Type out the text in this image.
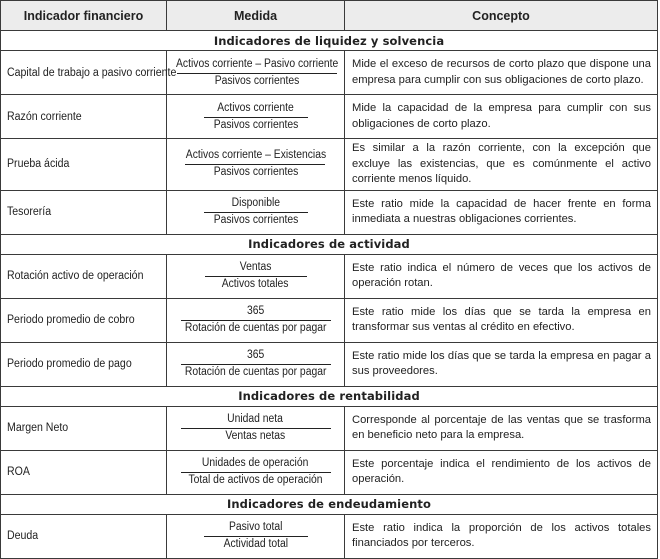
Indicador financiero	Medida	Concepto
Indicadores de liquidez y solvencia		
Capital de trabajo a pasivo corriente	$\frac{\text{Activos corriente – Pasivo corriente}}{\text{Pasivos corrientes}}$	Mide el exceso de recursos de corto plazo que dispone una empresa para cumplir con sus obligaciones de corto plazo.
Razón corriente	$\frac{\text{Activos corriente}}{\text{Pasivos corrientes}}$	Mide la capacidad de la empresa para cumplir con sus obligaciones de corto plazo.
Prueba ácida	$\frac{\text{Activos corriente – Existencias}}{\text{Pasivos corrientes}}$	Es similar a la razón corriente, con la excepción que excluye las existencias, que es comúnmente el activo corriente menos líquido.
Tesorería	$\frac{\text{Disponible}}{\text{Pasivos corrientes}}$	Este ratio mide la capacidad de hacer frente en forma inmediata a nuestras obligaciones corrientes.
Indicadores de actividad		
Rotación activo de operación	$\frac{\text{Ventas}}{\text{Activos totales}}$	Este ratio indica el número de veces que los activos de operación rotan.
Periodo promedio de cobro	$\frac{365}{\text{Rotación de cuentas por pagar}}$	Este ratio mide los días que se tarda la empresa en transformar sus ventas al crédito en efectivo.
Periodo promedio de pago	$\frac{365}{\text{Rotación de cuentas por pagar}}$	Este ratio mide los días que se tarda la empresa en pagar a sus proveedores.
Indicadores de rentabilidad		
Margen Neto	$\frac{\text{Unidad neta}}{\text{Ventas netas}}$	Corresponde al porcentaje de las ventas que se trasforma en beneficio neto para la empresa.
ROA	$\frac{\text{Unidades de operación}}{\text{Total de activos de operación}}$	Este porcentaje indica el rendimiento de los activos de operación.
Indicadores de endeudamiento		
Deuda	$\frac{\text{Pasivo total}}{\text{Actividad total}}$	Este ratio indica la proporción de los activos totales financiados por terceros.
